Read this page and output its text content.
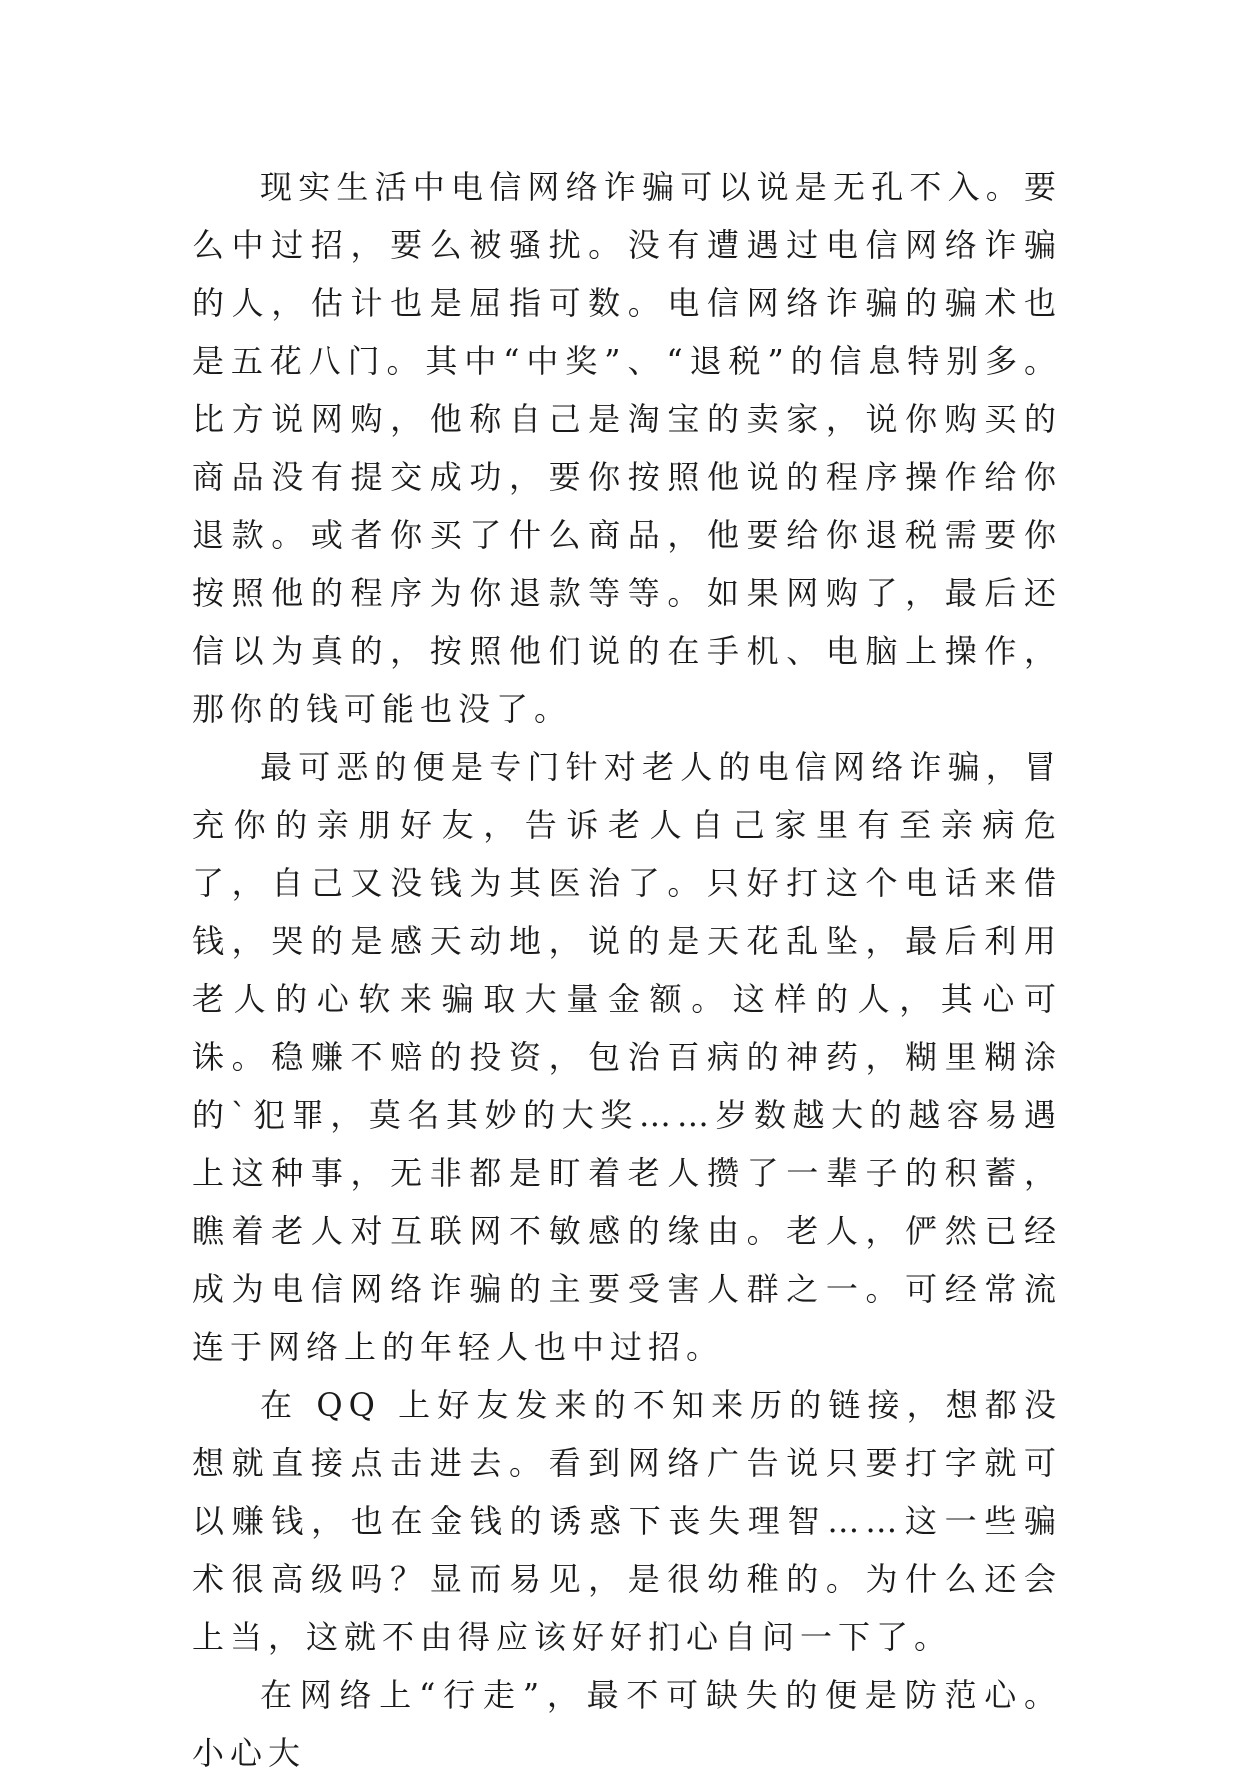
现实生活中电信网络诈骗可以说是无孔不入。要么中过招，要么被骚扰。没有遭遇过电信网络诈骗的人，估计也是屈指可数。电信网络诈骗的骗术也是五花八门。其中“中奖”、“退税”的信息特别多。比方说网购，他称自己是淘宝的卖家，说你购买的商品没有提交成功，要你按照他说的程序操作给你退款。或者你买了什么商品，他要给你退税需要你按照他的程序为你退款等等。如果网购了，最后还信以为真的，按照他们说的在手机、电脑上操作，那你的钱可能也没了。

最可恶的便是专门针对老人的电信网络诈骗，冒充你的亲朋好友，告诉老人自己家里有至亲病危了，自己又没钱为其医治了。只好打这个电话来借钱，哭的是感天动地，说的是天花乱坠，最后利用老人的心软来骗取大量金额。这样的人，其心可诛。稳赚不赔的投资，包治百病的神药，糊里糊涂的`犯罪，莫名其妙的大奖……岁数越大的越容易遇上这种事，无非都是盯着老人攒了一辈子的积蓄，瞧着老人对互联网不敏感的缘由。老人，俨然已经成为电信网络诈骗的主要受害人群之一。可经常流连于网络上的年轻人也中过招。

在 QQ 上好友发来的不知来历的链接，想都没想就直接点击进去。看到网络广告说只要打字就可以赚钱，也在金钱的诱惑下丧失理智……这一些骗术很高级吗？显而易见，是很幼稚的。为什么还会上当，这就不由得应该好好扪心自问一下了。

在网络上“行走”，最不可缺失的便是防范心。小心大
